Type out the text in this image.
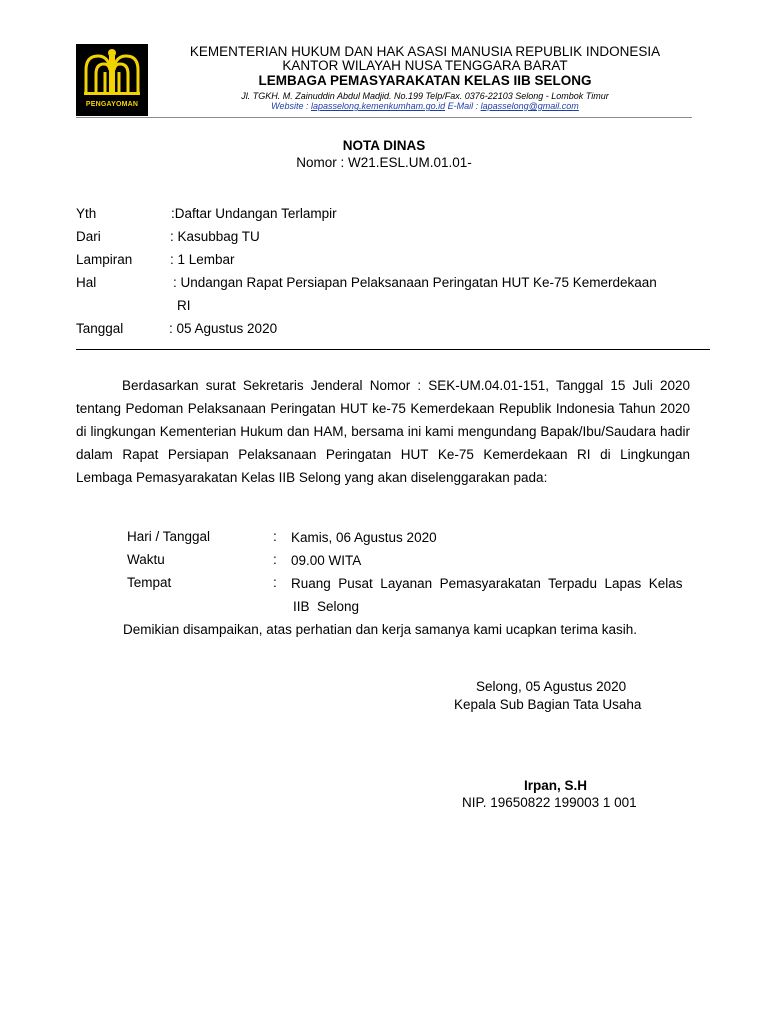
PENGAYOMAN
KEMENTERIAN HUKUM DAN HAK ASASI MANUSIA REPUBLIK INDONESIA
KANTOR WILAYAH NUSA TENGGARA BARAT
LEMBAGA PEMASYARAKATAN KELAS IIB SELONG
Jl. TGKH. M. Zainuddin Abdul Madjid. No.199 Telp/Fax. 0376-22103 Selong - Lombok Timur
Website : lapasselong.kemenkumham.go.id E-Mail : lapasselong@gmail.com
NOTA DINAS
Nomor : W21.ESL.UM.01.01-
Yth	:Daftar Undangan Terlampir
Dari	: Kasubbag TU
Lampiran	: 1 Lembar
Hal	: Undangan Rapat Persiapan Pelaksanaan Peringatan HUT Ke-75 Kemerdekaan
RI
Tanggal	: 05 Agustus 2020
Berdasarkan surat Sekretaris Jenderal Nomor : SEK-UM.04.01-151, Tanggal 15 Juli 2020 tentang Pedoman Pelaksanaan Peringatan HUT ke-75 Kemerdekaan Republik Indonesia Tahun 2020 di lingkungan Kementerian Hukum dan HAM, bersama ini kami mengundang Bapak/Ibu/Saudara hadir dalam Rapat Persiapan Pelaksanaan Peringatan HUT Ke-75 Kemerdekaan RI di Lingkungan Lembaga Pemasyarakatan Kelas IIB Selong yang akan diselenggarakan pada:
Hari / Tanggal	: Kamis, 06 Agustus 2020
Waktu	: 09.00 WITA
Tempat	: Ruang  Pusat  Layanan  Pemasyarakatan  Terpadu  Lapas  Kelas
IIB  Selong
Demikian disampaikan, atas perhatian dan kerja samanya kami ucapkan terima kasih.
Selong, 05 Agustus 2020
Kepala Sub Bagian Tata Usaha
Irpan, S.H
NIP. 19650822 199003 1 001
